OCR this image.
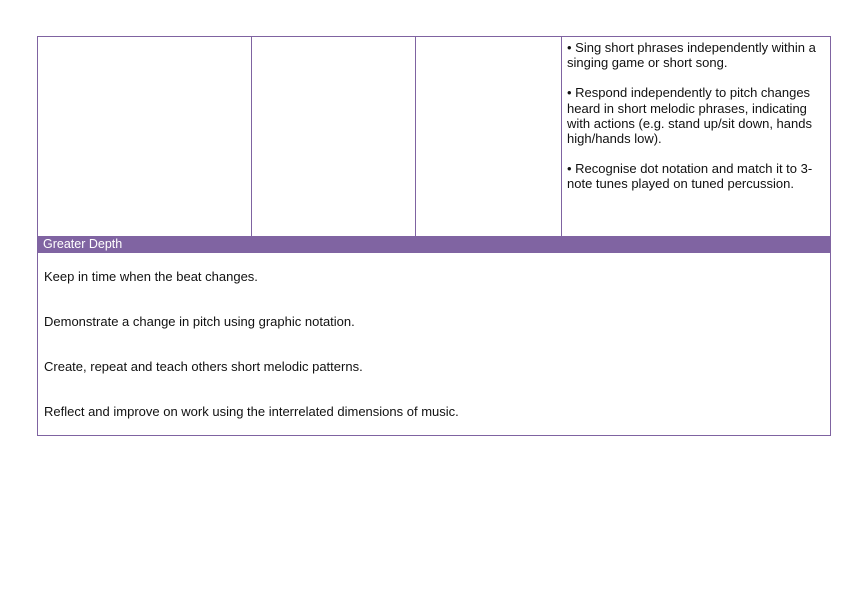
• Sing short phrases independently within a singing game or short song.

• Respond independently to pitch changes heard in short melodic phrases, indicating with actions (e.g. stand up/sit down, hands high/hands low).

• Recognise dot notation and match it to 3-note tunes played on tuned percussion.

Greater Depth

Keep in time when the beat changes.

Demonstrate a change in pitch using graphic notation.

Create, repeat and teach others short melodic patterns.

Reflect and improve on work using the interrelated dimensions of music.
